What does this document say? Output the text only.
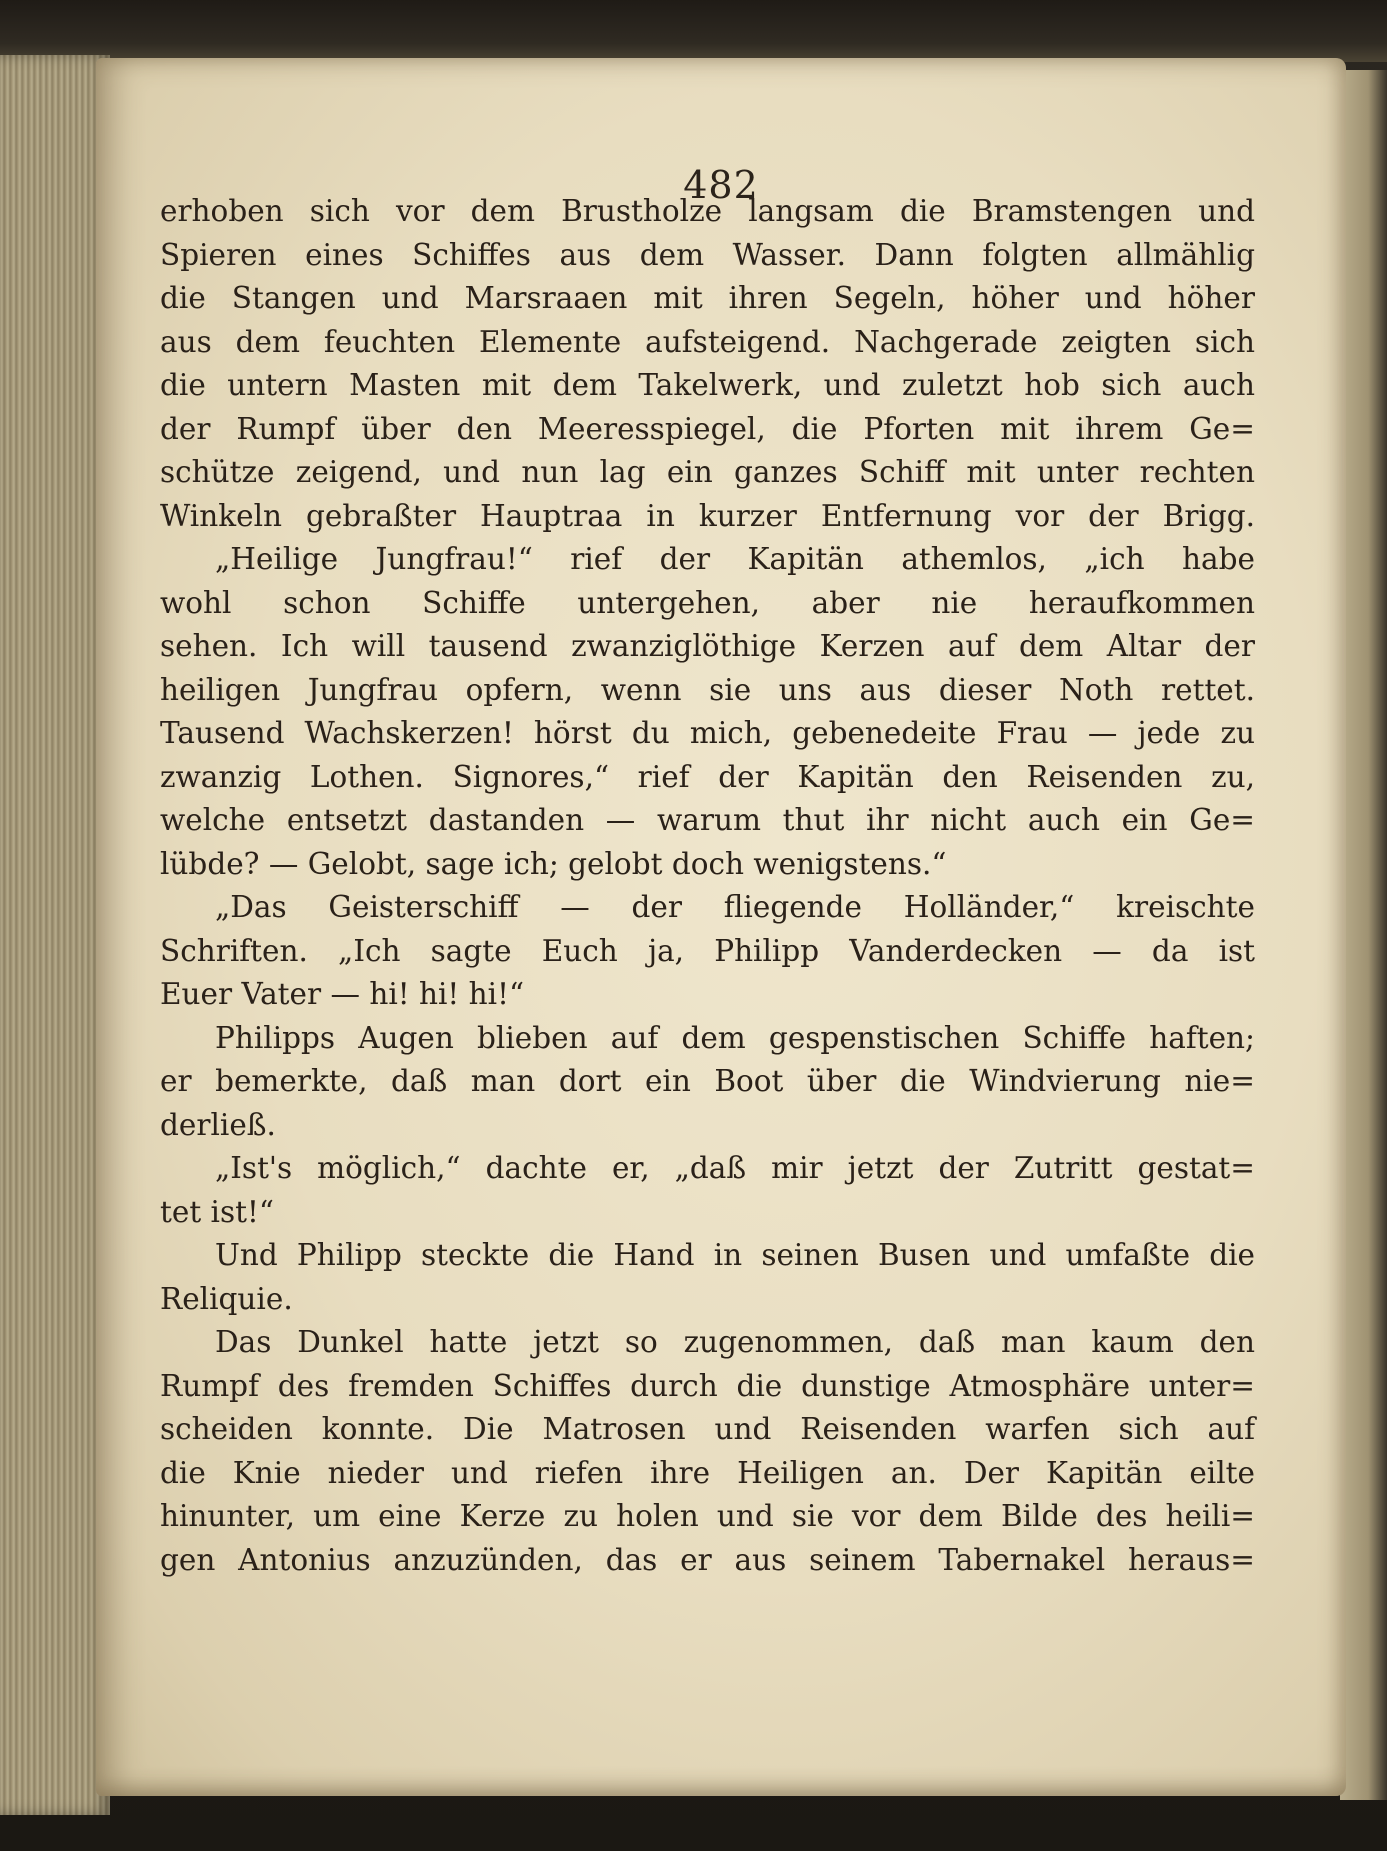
482
erhoben sich vor dem Brustholze langsam die Bramstengen und
Spieren eines Schiffes aus dem Wasser. Dann folgten allmählig
die Stangen und Marsraaen mit ihren Segeln, höher und höher
aus dem feuchten Elemente aufsteigend. Nachgerade zeigten sich
die untern Masten mit dem Takelwerk, und zuletzt hob sich auch
der Rumpf über den Meeresspiegel, die Pforten mit ihrem Ge=
schütze zeigend, und nun lag ein ganzes Schiff mit unter rechten
Winkeln gebraßter Hauptraa in kurzer Entfernung vor der Brigg.
„Heilige Jungfrau!“ rief der Kapitän athemlos, „ich habe
wohl schon Schiffe untergehen, aber nie heraufkommen
sehen. Ich will tausend zwanziglöthige Kerzen auf dem Altar der
heiligen Jungfrau opfern, wenn sie uns aus dieser Noth rettet.
Tausend Wachskerzen! hörst du mich, gebenedeite Frau — jede zu
zwanzig Lothen. Signores,“ rief der Kapitän den Reisenden zu,
welche entsetzt dastanden — warum thut ihr nicht auch ein Ge=
lübde? — Gelobt, sage ich; gelobt doch wenigstens.“
„Das Geisterschiff — der fliegende Holländer,“ kreischte
Schriften. „Ich sagte Euch ja, Philipp Vanderdecken — da ist
Euer Vater — hi! hi! hi!“
Philipps Augen blieben auf dem gespenstischen Schiffe haften;
er bemerkte, daß man dort ein Boot über die Windvierung nie=
derließ.
„Ist's möglich,“ dachte er, „daß mir jetzt der Zutritt gestat=
tet ist!“
Und Philipp steckte die Hand in seinen Busen und umfaßte die
Reliquie.
Das Dunkel hatte jetzt so zugenommen, daß man kaum den
Rumpf des fremden Schiffes durch die dunstige Atmosphäre unter=
scheiden konnte. Die Matrosen und Reisenden warfen sich auf
die Knie nieder und riefen ihre Heiligen an. Der Kapitän eilte
hinunter, um eine Kerze zu holen und sie vor dem Bilde des heili=
gen Antonius anzuzünden, das er aus seinem Tabernakel heraus=
